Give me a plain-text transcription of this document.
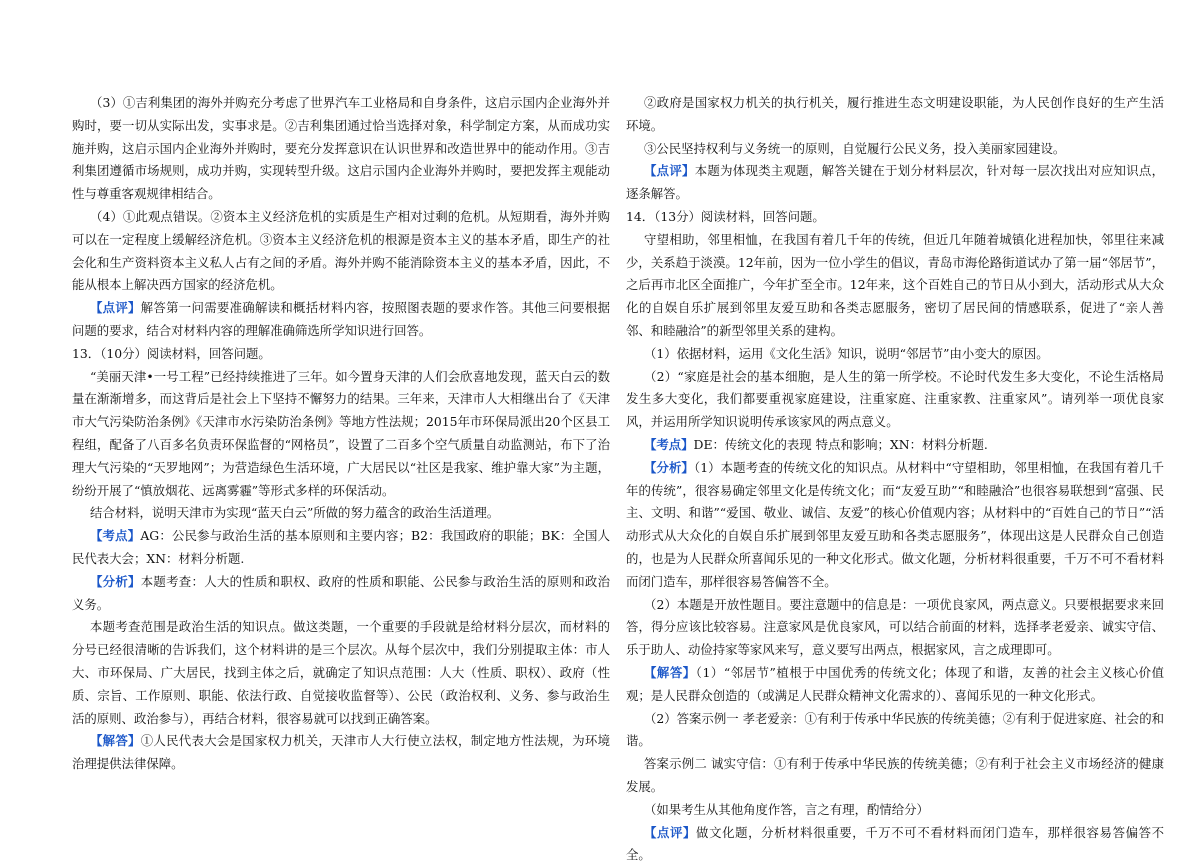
（3）①吉利集团的海外并购充分考虑了世界汽车工业格局和自身条件，这启示国内企业海外并购时，要一切从实际出发，实事求是。②吉利集团通过恰当选择对象，科学制定方案，从而成功实施并购，这启示国内企业海外并购时，要充分发挥意识在认识世界和改造世界中的能动作用。③吉利集团遵循市场规则，成功并购，实现转型升级。这启示国内企业海外并购时，要把发挥主观能动性与尊重客观规律相结合。

（4）①此观点错误。②资本主义经济危机的实质是生产相对过剩的危机。从短期看，海外并购可以在一定程度上缓解经济危机。③资本主义经济危机的根源是资本主义的基本矛盾，即生产的社会化和生产资料资本主义私人占有之间的矛盾。海外并购不能消除资本主义的基本矛盾，因此，不能从根本上解决西方国家的经济危机。

【点评】解答第一问需要准确解读和概括材料内容，按照图表题的要求作答。其他三问要根据问题的要求，结合对材料内容的理解准确筛选所学知识进行回答。

13．（10分）阅读材料，回答问题。

“美丽天津•一号工程”已经持续推进了三年。如今置身天津的人们会欣喜地发现，蓝天白云的数量在渐渐增多，而这背后是社会上下坚持不懈努力的结果。三年来，天津市人大相继出台了《天津市大气污染防治条例》《天津市水污染防治条例》等地方性法规；2015年市环保局派出20个区县工程组，配备了八百多名负责环保监督的“网格员”，设置了二百多个空气质量自动监测站，布下了治理大气污染的“天罗地网”；为营造绿色生活环境，广大居民以“社区是我家、维护靠大家”为主题，纷纷开展了“慎放烟花、远离雾霾”等形式多样的环保活动。

结合材料，说明天津市为实现“蓝天白云”所做的努力蕴含的政治生活道理。

【考点】AG：公民参与政治生活的基本原则和主要内容；B2：我国政府的职能；BK：全国人民代表大会；XN：材料分析题.

【分析】本题考查：人大的性质和职权、政府的性质和职能、公民参与政治生活的原则和政治义务。

本题考查范围是政治生活的知识点。做这类题，一个重要的手段就是给材料分层次，而材料的分号已经很清晰的告诉我们，这个材料讲的是三个层次。从每个层次中，我们分别提取主体：市人大、市环保局、广大居民，找到主体之后，就确定了知识点范围：人大（性质、职权）、政府（性质、宗旨、工作原则、职能、依法行政、自觉接收监督等）、公民（政治权利、义务、参与政治生活的原则、政治参与），再结合材料，很容易就可以找到正确答案。

【解答】①人民代表大会是国家权力机关，天津市人大行使立法权，制定地方性法规，为环境治理提供法律保障。

②政府是国家权力机关的执行机关，履行推进生态文明建设职能，为人民创作良好的生产生活环境。

③公民坚持权利与义务统一的原则，自觉履行公民义务，投入美丽家园建设。

【点评】本题为体现类主观题，解答关键在于划分材料层次，针对每一层次找出对应知识点，逐条解答。

14．（13分）阅读材料，回答问题。

守望相助，邻里相恤，在我国有着几千年的传统，但近几年随着城镇化进程加快，邻里往来减少，关系趋于淡漠。12年前，因为一位小学生的倡议，青岛市海伦路街道试办了第一届“邻居节”，之后再市北区全面推广，今年扩至全市。12年来，这个百姓自己的节日从小到大，活动形式从大众化的自娱自乐扩展到邻里友爱互助和各类志愿服务，密切了居民间的情感联系，促进了“亲人善邻、和睦融洽”的新型邻里关系的建构。

（1）依据材料，运用《文化生活》知识，说明“邻居节”由小变大的原因。

（2）“家庭是社会的基本细胞，是人生的第一所学校。不论时代发生多大变化，不论生活格局发生多大变化，我们都要重视家庭建设，注重家庭、注重家教、注重家风”。请列举一项优良家风，并运用所学知识说明传承该家风的两点意义。

【考点】DE：传统文化的表现 特点和影响；XN：材料分析题.

【分析】（1）本题考查的传统文化的知识点。从材料中“守望相助，邻里相恤，在我国有着几千年的传统”，很容易确定邻里文化是传统文化；而“友爱互助”“和睦融洽”也很容易联想到“富强、民主、文明、和谐”“爱国、敬业、诚信、友爱”的核心价值观内容；从材料中的“百姓自己的节日”“活动形式从大众化的自娱自乐扩展到邻里友爱互助和各类志愿服务”，体现出这是人民群众自己创造的，也是为人民群众所喜闻乐见的一种文化形式。做文化题，分析材料很重要，千万不可不看材料而闭门造车，那样很容易答偏答不全。

（2）本题是开放性题目。要注意题中的信息是：一项优良家风，两点意义。只要根据要求来回答，得分应该比较容易。注意家风是优良家风，可以结合前面的材料，选择孝老爱亲、诚实守信、乐于助人、动俭持家等家风来写，意义要写出两点，根据家风，言之成理即可。

【解答】（1）“邻居节”植根于中国优秀的传统文化；体现了和谐，友善的社会主义核心价值观；是人民群众创造的（或满足人民群众精神文化需求的）、喜闻乐见的一种文化形式。

（2）答案示例一 孝老爱亲：①有利于传承中华民族的传统美德；②有利于促进家庭、社会的和谐。

答案示例二 诚实守信：①有利于传承中华民族的传统美德；②有利于社会主义市场经济的健康发展。

（如果考生从其他角度作答，言之有理，酌情给分）

【点评】做文化题，分析材料很重要，千万不可不看材料而闭门造车，那样很容易答偏答不全。
